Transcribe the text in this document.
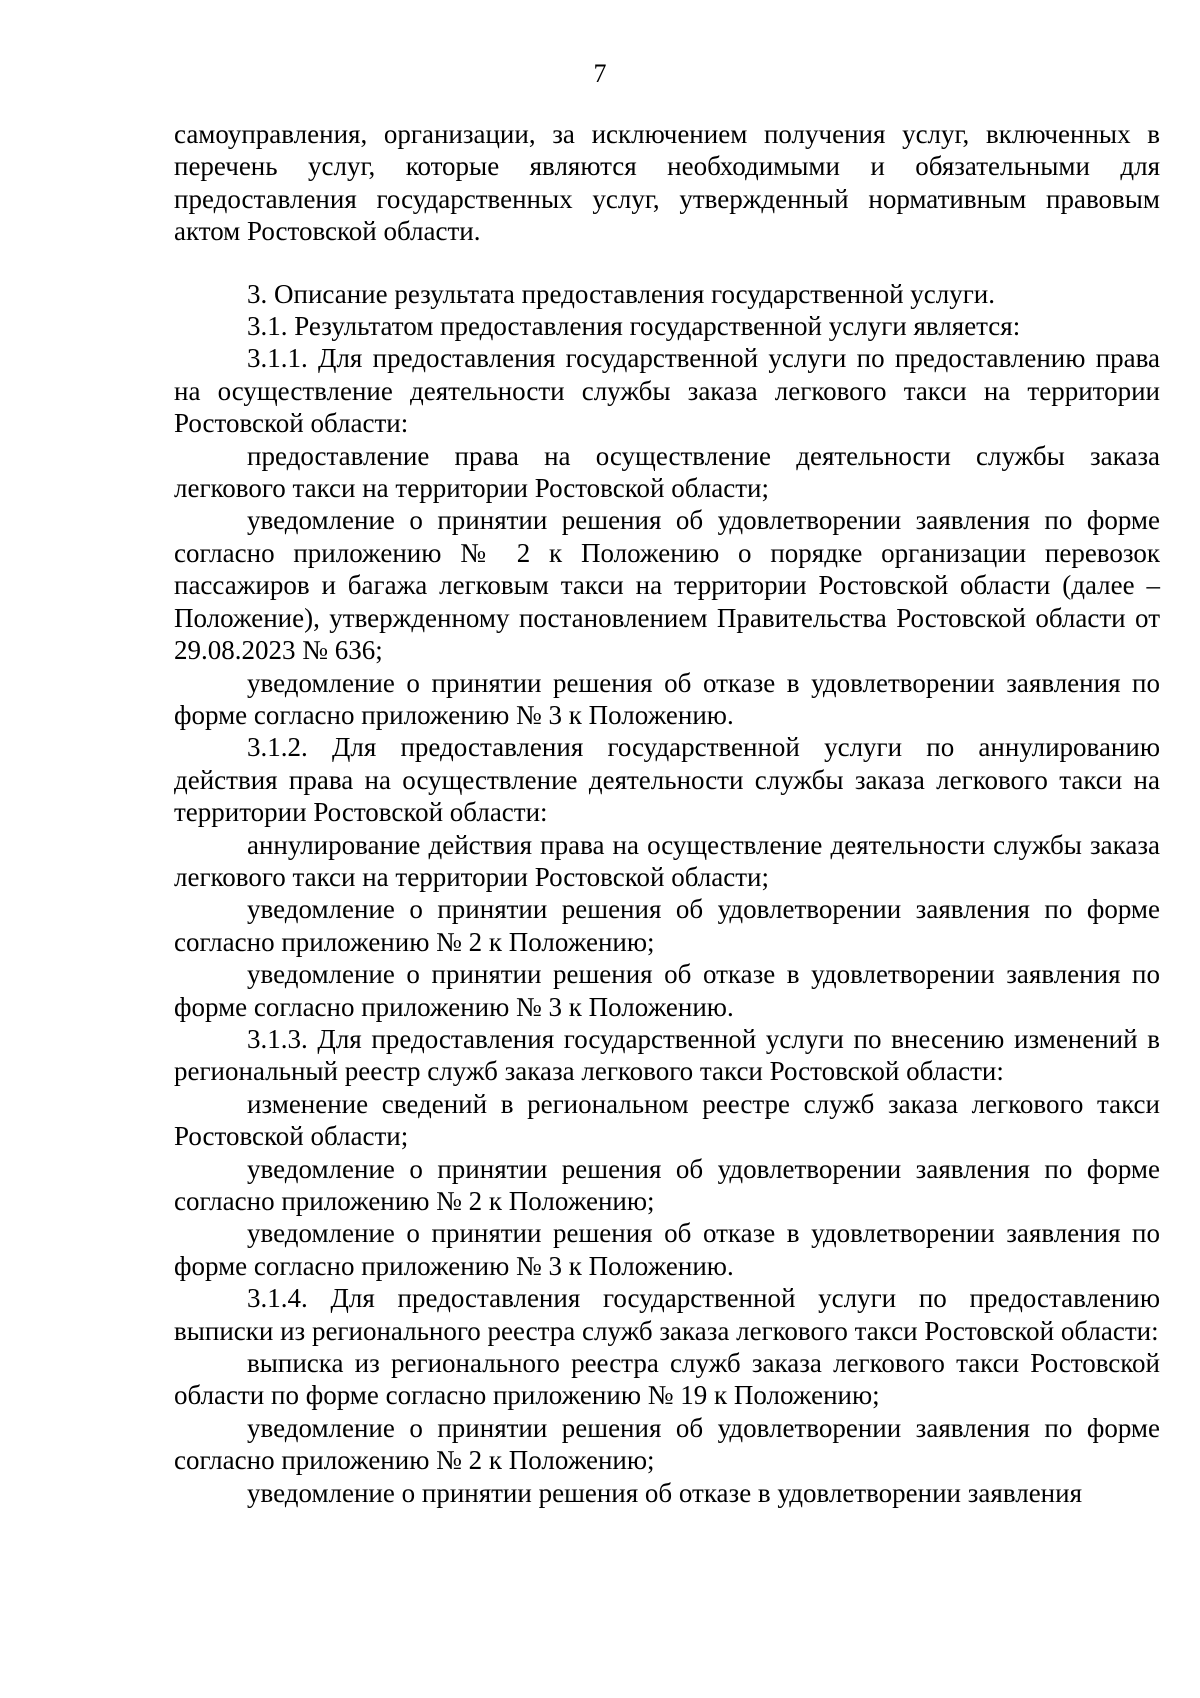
7

самоуправления, организации, за исключением получения услуг, включенных в перечень услуг, которые являются необходимыми и обязательными для предоставления государственных услуг, утвержденный нормативным правовым актом Ростовской области.

3. Описание результата предоставления государственной услуги.

3.1. Результатом предоставления государственной услуги является:

3.1.1. Для предоставления государственной услуги по предоставлению права на осуществление деятельности службы заказа легкового такси на территории Ростовской области:

предоставление права на осуществление деятельности службы заказа легкового такси на территории Ростовской области;

уведомление о принятии решения об удовлетворении заявления по форме согласно приложению № 2 к Положению о порядке организации перевозок пассажиров и багажа легковым такси на территории Ростовской области (далее – Положение), утвержденному постановлением Правительства Ростовской области от 29.08.2023 № 636;

уведомление о принятии решения об отказе в удовлетворении заявления по форме согласно приложению № 3 к Положению.

3.1.2. Для предоставления государственной услуги по аннулированию действия права на осуществление деятельности службы заказа легкового такси на территории Ростовской области:

аннулирование действия права на осуществление деятельности службы заказа легкового такси на территории Ростовской области;

уведомление о принятии решения об удовлетворении заявления по форме согласно приложению № 2 к Положению;

уведомление о принятии решения об отказе в удовлетворении заявления по форме согласно приложению № 3 к Положению.

3.1.3. Для предоставления государственной услуги по внесению изменений в региональный реестр служб заказа легкового такси Ростовской области:

изменение сведений в региональном реестре служб заказа легкового такси Ростовской области;

уведомление о принятии решения об удовлетворении заявления по форме согласно приложению № 2 к Положению;

уведомление о принятии решения об отказе в удовлетворении заявления по форме согласно приложению № 3 к Положению.

3.1.4. Для предоставления государственной услуги по предоставлению выписки из регионального реестра служб заказа легкового такси Ростовской области:

выписка из регионального реестра служб заказа легкового такси Ростовской области по форме согласно приложению № 19 к Положению;

уведомление о принятии решения об удовлетворении заявления по форме согласно приложению № 2 к Положению;

уведомление о принятии решения об отказе в удовлетворении заявления
